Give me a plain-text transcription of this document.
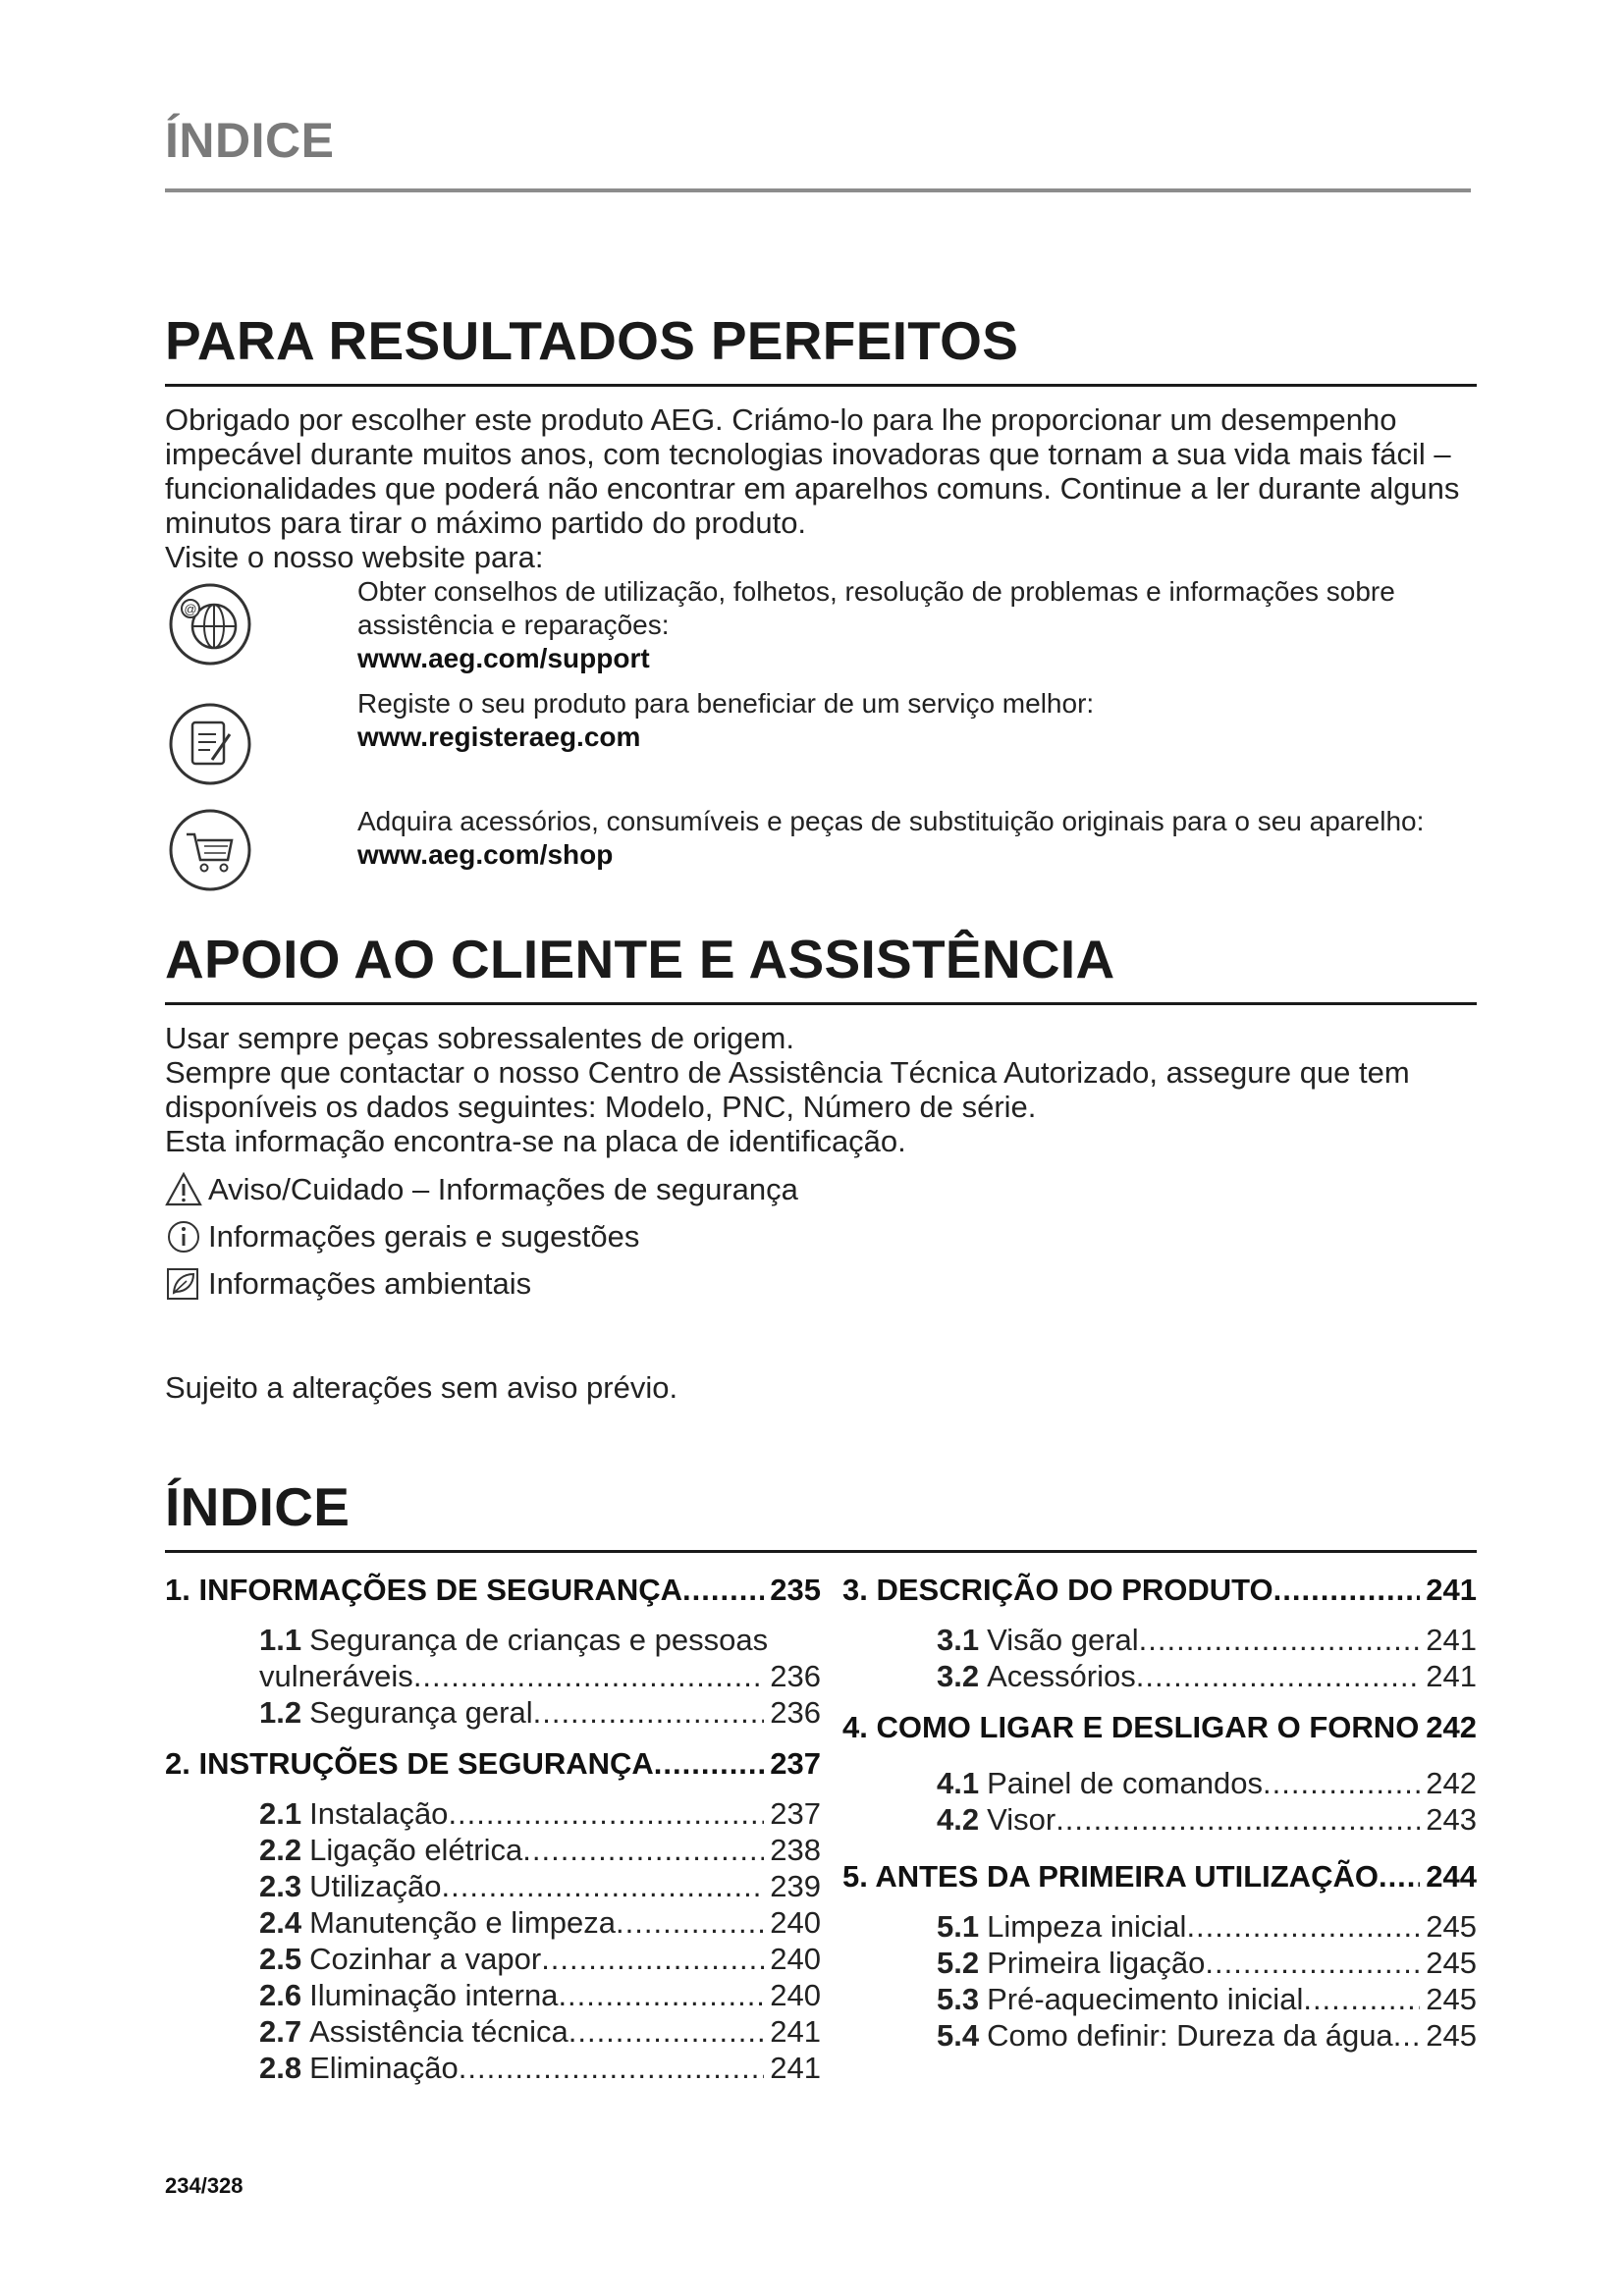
ÍNDICE
PARA RESULTADOS PERFEITOS

Obrigado por escolher este produto AEG. Criámo-lo para lhe proporcionar um desempenho impecável durante muitos anos, com tecnologias inovadoras que tornam a sua vida mais fácil – funcionalidades que poderá não encontrar em aparelhos comuns. Continue a ler durante alguns minutos para tirar o máximo partido do produto.

Visite o nosso website para:

@
Obter conselhos de utilização, folhetos, resolução de problemas e informações sobre assistência e reparações:
www.aeg.com/support
Registe o seu produto para beneficiar de um serviço melhor:
www.registeraeg.com
Adquira acessórios, consumíveis e peças de substituição originais para o seu aparelho:
www.aeg.com/shop
APOIO AO CLIENTE E ASSISTÊNCIA

Usar sempre peças sobressalentes de origem.

Sempre que contactar o nosso Centro de Assistência Técnica Autorizado, assegure que tem disponíveis os dados seguintes: Modelo, PNC, Número de série.

Esta informação encontra-se na placa de identificação.

Aviso/Cuidado – Informações de segurança
Informações gerais e sugestões
Informações ambientais

Sujeito a alterações sem aviso prévio.

ÍNDICE
1. INFORMAÇÕES DE SEGURANÇA .....	235
1.1 Segurança de crianças e pessoas
vulneráveis .....	236
1.2 Segurança geral .....	236
2. INSTRUÇÕES DE SEGURANÇA .....	237
2.1 Instalação .....	237
2.2 Ligação elétrica .....	238
2.3 Utilização .....	239
2.4 Manutenção e limpeza .....	240
2.5 Cozinhar a vapor .....	240
2.6 Iluminação interna .....	240
2.7 Assistência técnica .....	241
2.8 Eliminação .....	241
3. DESCRIÇÃO DO PRODUTO .....	241
3.1 Visão geral .....	241
3.2 Acessórios .....	241
4. COMO LIGAR E DESLIGAR O FORNO ..... 242
4.1 Painel de comandos .....	242
4.2 Visor .....	243
5. ANTES DA PRIMEIRA UTILIZAÇÃO ..... 244
5.1 Limpeza inicial .....	245
5.2 Primeira ligação .....	245
5.3 Pré-aquecimento inicial .....	245
5.4 Como definir: Dureza da água ..... 245
234/328
